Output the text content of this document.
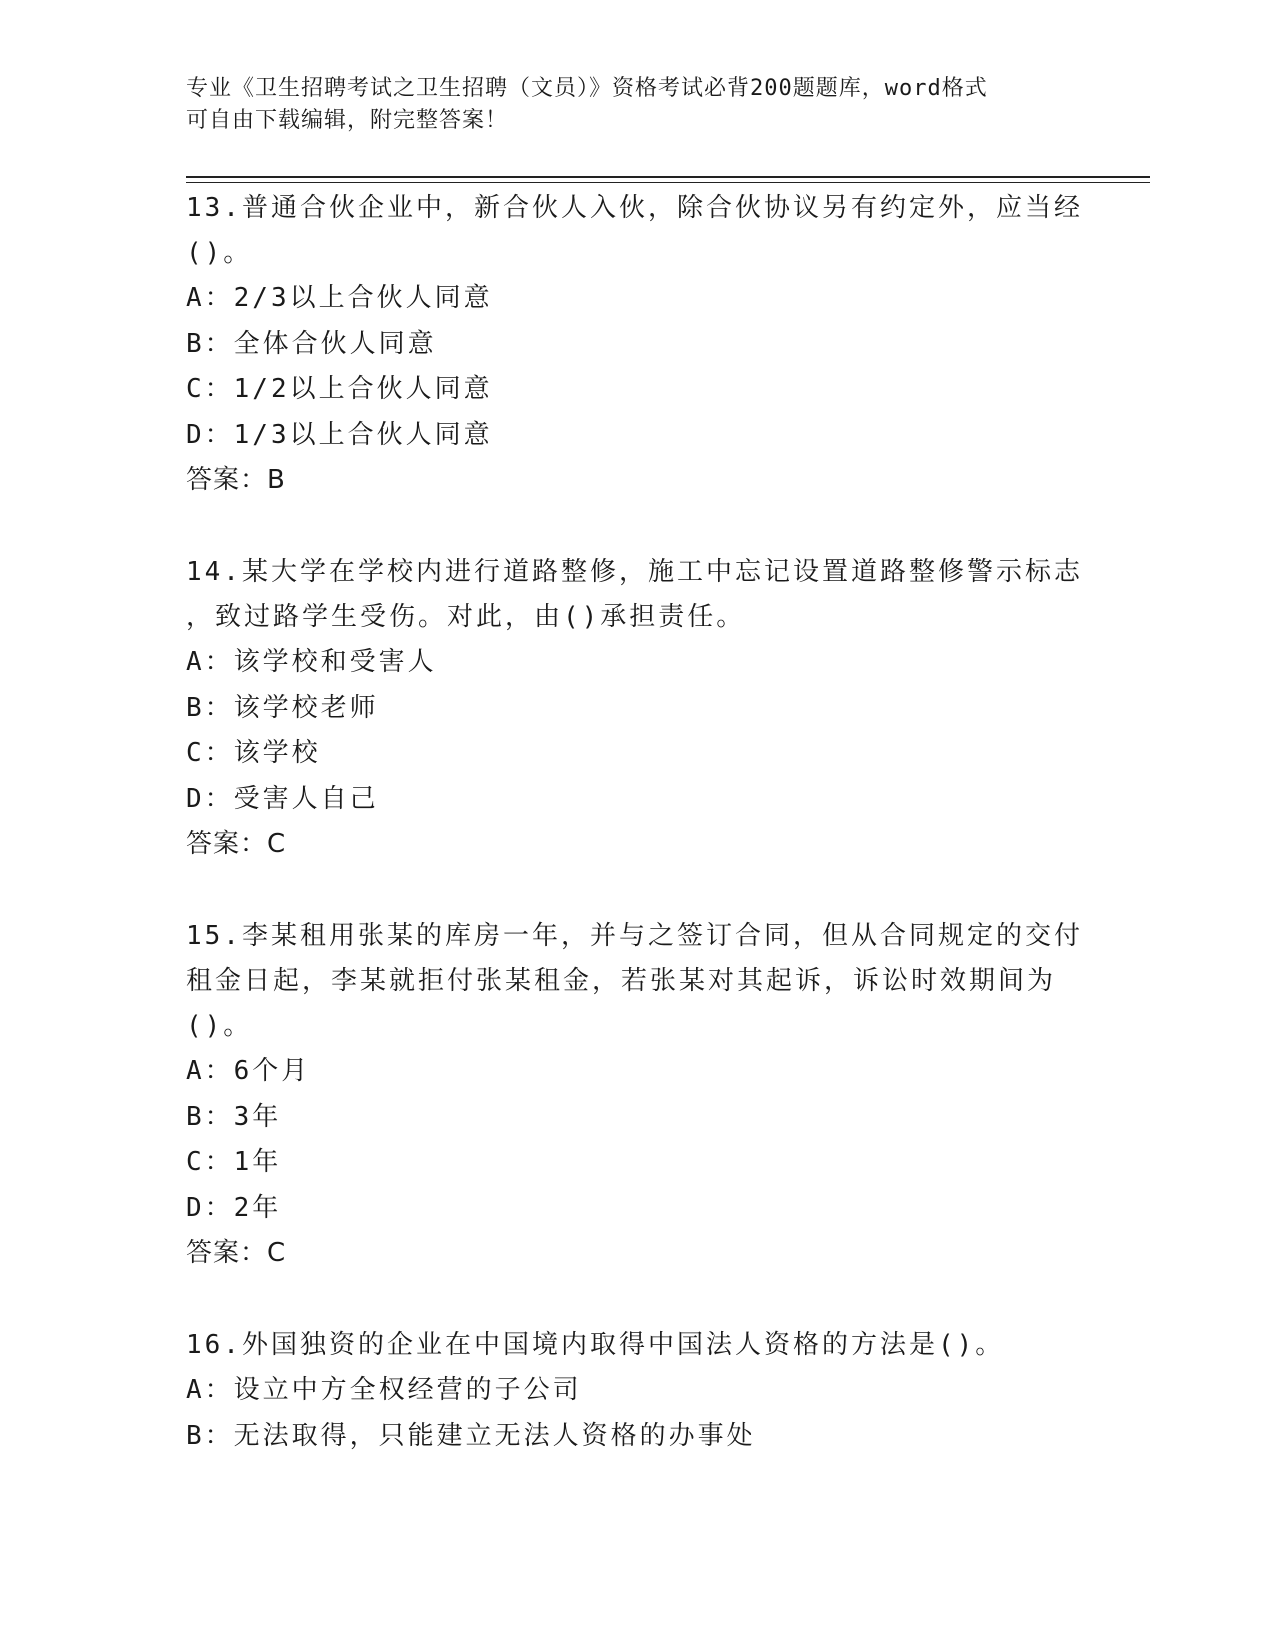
专业《卫生招聘考试之卫生招聘（文员）》资格考试必背200题题库，word格式
可自由下载编辑，附完整答案！

13.普通合伙企业中，新合伙人入伙，除合伙协议另有约定外，应当经

()。

A：2/3以上合伙人同意

B：全体合伙人同意

C：1/2以上合伙人同意

D：1/3以上合伙人同意

答案：B

14.某大学在学校内进行道路整修，施工中忘记设置道路整修警示标志

，致过路学生受伤。对此，由()承担责任。

A：该学校和受害人

B：该学校老师

C：该学校

D：受害人自己

答案：C

15.李某租用张某的库房一年，并与之签订合同，但从合同规定的交付

租金日起，李某就拒付张某租金，若张某对其起诉，诉讼时效期间为

()。

A：6个月

B：3年

C：1年

D：2年

答案：C

16.外国独资的企业在中国境内取得中国法人资格的方法是()。

A：设立中方全权经营的子公司

B：无法取得，只能建立无法人资格的办事处
